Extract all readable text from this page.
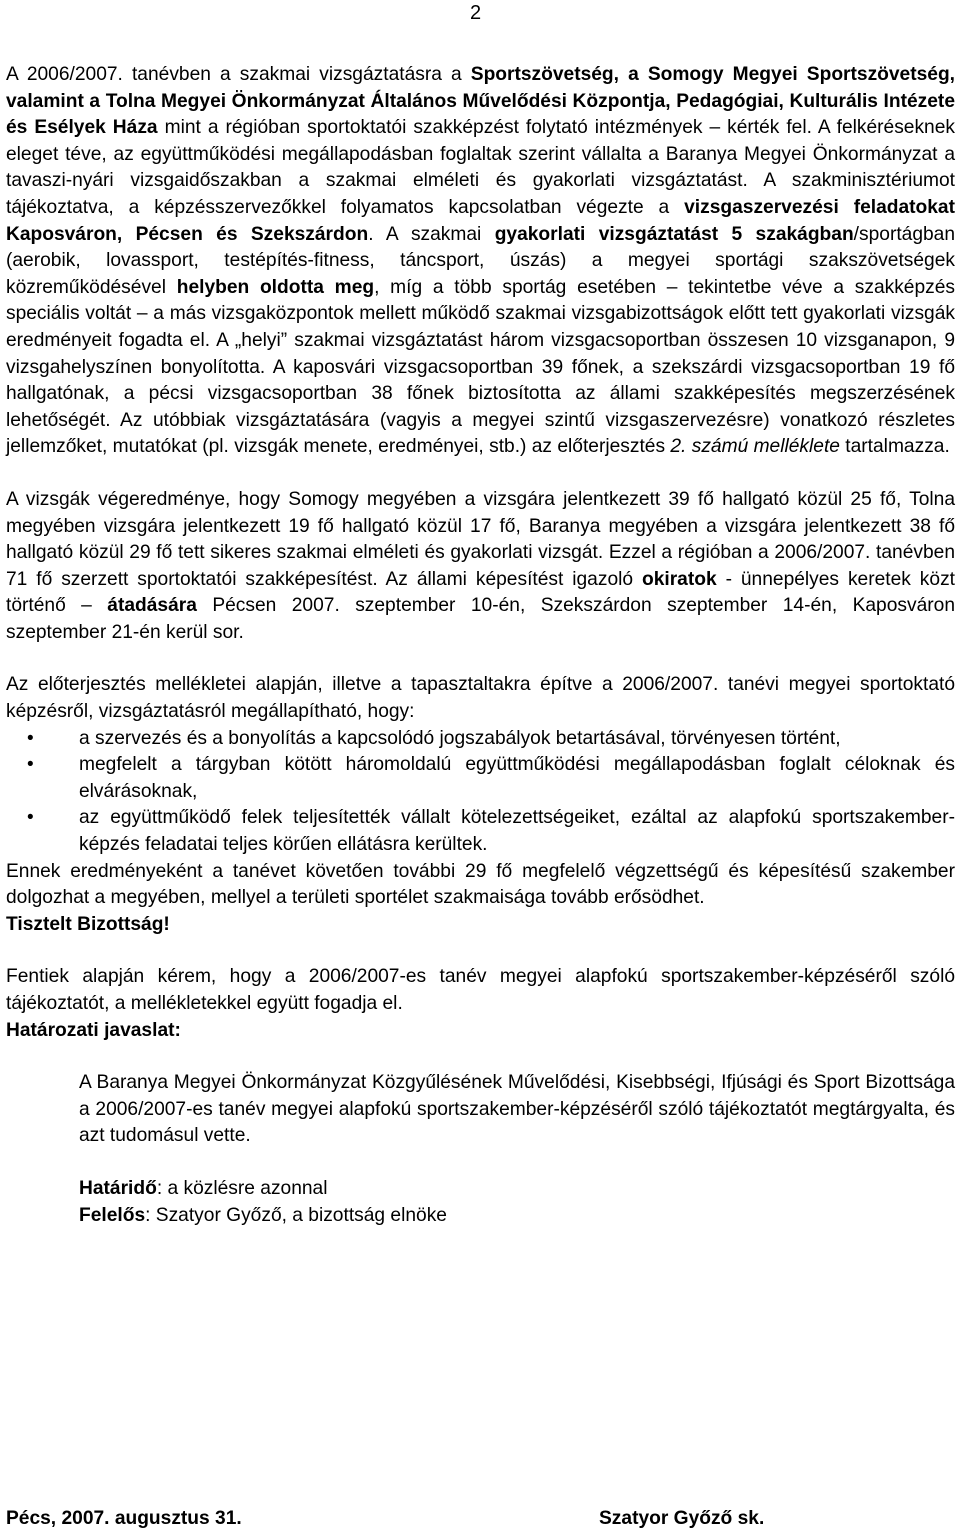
2

A 2006/2007. tanévben a szakmai vizsgáztatásra a Sportszövetség, a Somogy Megyei Sportszövetség, valamint a Tolna Megyei Önkormányzat Általános Művelődési Központja, Pedagógiai, Kulturális Intézete és Esélyek Háza mint a régióban sportoktatói szakképzést folytató intézmények – kérték fel. A felkéréseknek eleget téve, az együttműködési megállapodásban foglaltak szerint vállalta a Baranya Megyei Önkormányzat a tavaszi-nyári vizsgaidőszakban a szakmai elméleti és gyakorlati vizsgáztatást. A szakminisztériumot tájékoztatva, a képzésszervezőkkel folyamatos kapcsolatban végezte a vizsgaszervezési feladatokat Kaposváron, Pécsen és Szekszárdon. A szakmai gyakorlati vizsgáztatást 5 szakágban/sportágban (aerobik, lovassport, testépítés-fitness, táncsport, úszás) a megyei sportági szakszövetségek közreműködésével helyben oldotta meg, míg a több sportág esetében – tekintetbe véve a szakképzés speciális voltát – a más vizsgaközpontok mellett működő szakmai vizsgabizottságok előtt tett gyakorlati vizsgák eredményeit fogadta el. A „helyi” szakmai vizsgáztatást három vizsgacsoportban összesen 10 vizsganapon, 9 vizsgahelyszínen bonyolította. A kaposvári vizsgacsoportban 39 főnek, a szekszárdi vizsgacsoportban 19 fő hallgatónak, a pécsi vizsgacsoportban 38 főnek biztosította az állami szakképesítés megszerzésének lehetőségét. Az utóbbiak vizsgáztatására (vagyis a megyei szintű vizsgaszervezésre) vonatkozó részletes jellemzőket, mutatókat (pl. vizsgák menete, eredményei, stb.) az előterjesztés 2. számú melléklete tartalmazza.

A vizsgák végeredménye, hogy Somogy megyében a vizsgára jelentkezett 39 fő hallgató közül 25 fő, Tolna megyében vizsgára jelentkezett 19 fő hallgató közül 17 fő, Baranya megyében a vizsgára jelentkezett 38 fő hallgató közül 29 fő tett sikeres szakmai elméleti és gyakorlati vizsgát. Ezzel a régióban a 2006/2007. tanévben 71 fő szerzett sportoktatói szakképesítést. Az állami képesítést igazoló okiratok - ünnepélyes keretek közt történő – átadására Pécsen 2007. szeptember 10-én, Szekszárdon szeptember 14-én, Kaposváron szeptember 21-én kerül sor.

Az előterjesztés mellékletei alapján, illetve a tapasztaltakra építve a 2006/2007. tanévi megyei sportoktató képzésről, vizsgáztatásról megállapítható, hogy:

• a szervezés és a bonyolítás a kapcsolódó jogszabályok betartásával, törvényesen történt,
• megfelelt a tárgyban kötött háromoldalú együttműködési megállapodásban foglalt céloknak és elvárásoknak,
• az együttműködő felek teljesítették vállalt kötelezettségeiket, ezáltal az alapfokú sportszakember-képzés feladatai teljes körűen ellátásra kerültek.

Ennek eredményeként a tanévet követően további 29 fő megfelelő végzettségű és képesítésű szakember dolgozhat a megyében, mellyel a területi sportélet szakmaisága tovább erősödhet.

Tisztelt Bizottság!

Fentiek alapján kérem, hogy a 2006/2007-es tanév megyei alapfokú sportszakember-képzéséről szóló tájékoztatót, a mellékletekkel együtt fogadja el.

Határozati javaslat:

A Baranya Megyei Önkormányzat Közgyűlésének Művelődési, Kisebbségi, Ifjúsági és Sport Bizottsága a 2006/2007-es tanév megyei alapfokú sportszakember-képzéséről szóló tájékoztatót megtárgyalta, és azt tudomásul vette.

Határidő: a közlésre azonnal

Felelős: Szatyor Győző, a bizottság elnöke

Pécs, 2007. augusztus 31.	Szatyor Győző sk.
